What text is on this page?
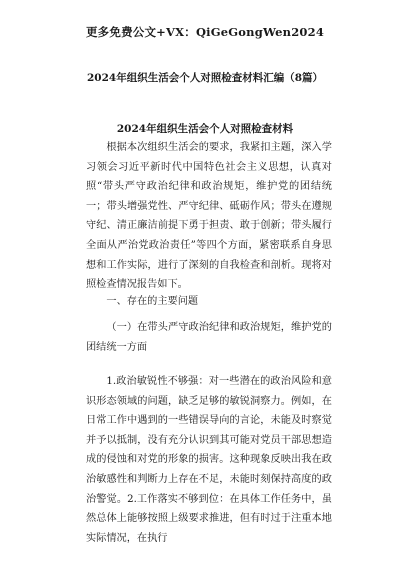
更多免费公文+VX：QiGeGongWen2024
2024年组织生活会个人对照检查材料汇编（8篇）
2024年组织生活会个人对照检查材料
根据本次组织生活会的要求，我紧扣主题，深入学习领会习近平新时代中国特色社会主义思想，认真对照“带头严守政治纪律和政治规矩，维护党的团结统一；带头增强党性、严守纪律、砥砺作风；带头在遵规守纪、清正廉洁前提下勇于担责、敢于创新；带头履行全面从严治党政治责任”等四个方面，紧密联系自身思想和工作实际，进行了深刻的自我检查和剖析。现将对照检查情况报告如下。
一、存在的主要问题
（一）在带头严守政治纪律和政治规矩，维护党的团结统一方面
1.政治敏锐性不够强：对一些潜在的政治风险和意识形态领域的问题，缺乏足够的敏锐洞察力。例如，在日常工作中遇到的一些错误导向的言论，未能及时察觉并予以抵制，没有充分认识到其可能对党员干部思想造成的侵蚀和对党的形象的损害。这种现象反映出我在政治敏感性和判断力上存在不足，未能时刻保持高度的政治警觉。2.工作落实不够到位：在具体工作任务中，虽然总体上能够按照上级要求推进，但有时过于注重本地实际情况，在执行
